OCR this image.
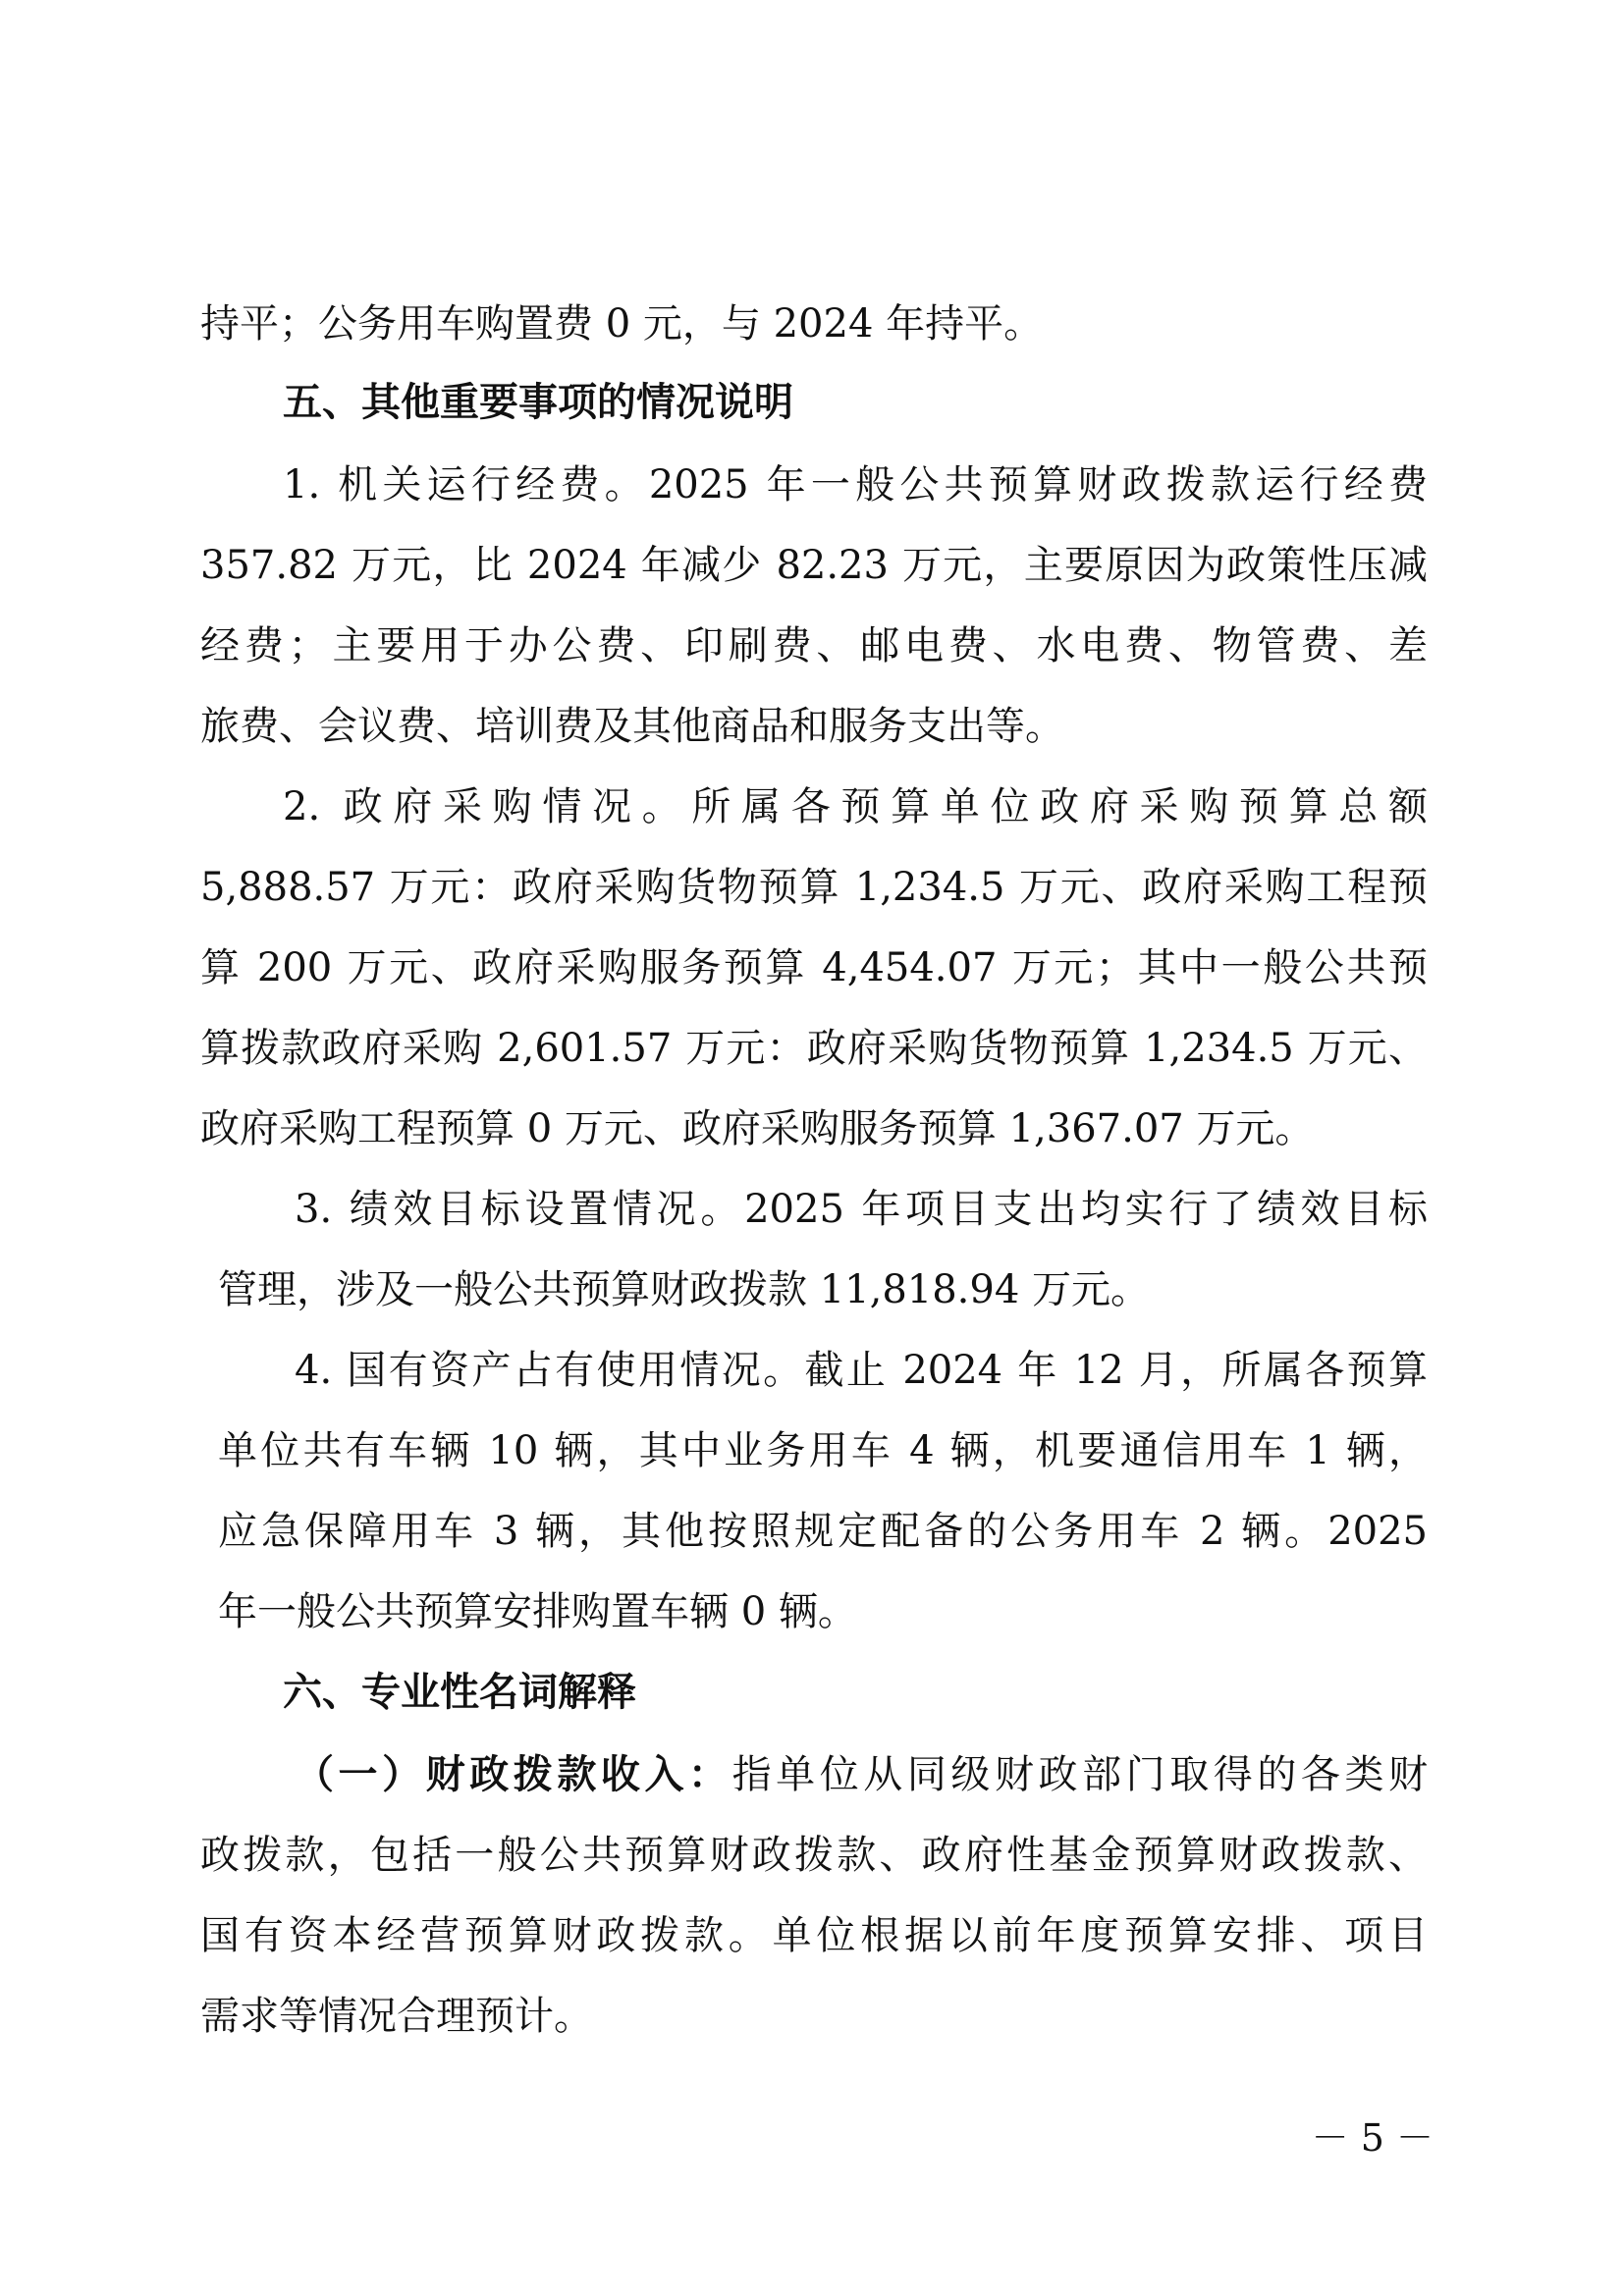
持平；公务用车购置费 0 元，与 2024 年持平。
五、其他重要事项的情况说明
1. 机关运行经费。2025 年一般公共预算财政拨款运行经费
357.82 万元，比 2024 年减少 82.23 万元，主要原因为政策性压减
经费；主要用于办公费、印刷费、邮电费、水电费、物管费、差
旅费、会议费、培训费及其他商品和服务支出等。
2. 政府采购情况。所属各预算单位政府采购预算总额
5,888.57 万元：政府采购货物预算 1,234.5 万元、政府采购工程预
算 200 万元、政府采购服务预算 4,454.07 万元；其中一般公共预
算拨款政府采购 2,601.57 万元：政府采购货物预算 1,234.5 万元、
政府采购工程预算 0 万元、政府采购服务预算 1,367.07 万元。
3. 绩效目标设置情况。2025 年项目支出均实行了绩效目标
管理，涉及一般公共预算财政拨款 11,818.94 万元。
4. 国有资产占有使用情况。截止 2024 年 12 月，所属各预算
单位共有车辆 10 辆，其中业务用车 4 辆，机要通信用车 1 辆，
应急保障用车 3 辆，其他按照规定配备的公务用车 2 辆。2025
年一般公共预算安排购置车辆 0 辆。
六、专业性名词解释
（一）财政拨款收入：指单位从同级财政部门取得的各类财
政拨款，包括一般公共预算财政拨款、政府性基金预算财政拨款、
国有资本经营预算财政拨款。单位根据以前年度预算安排、项目
需求等情况合理预计。
－ 5 －
